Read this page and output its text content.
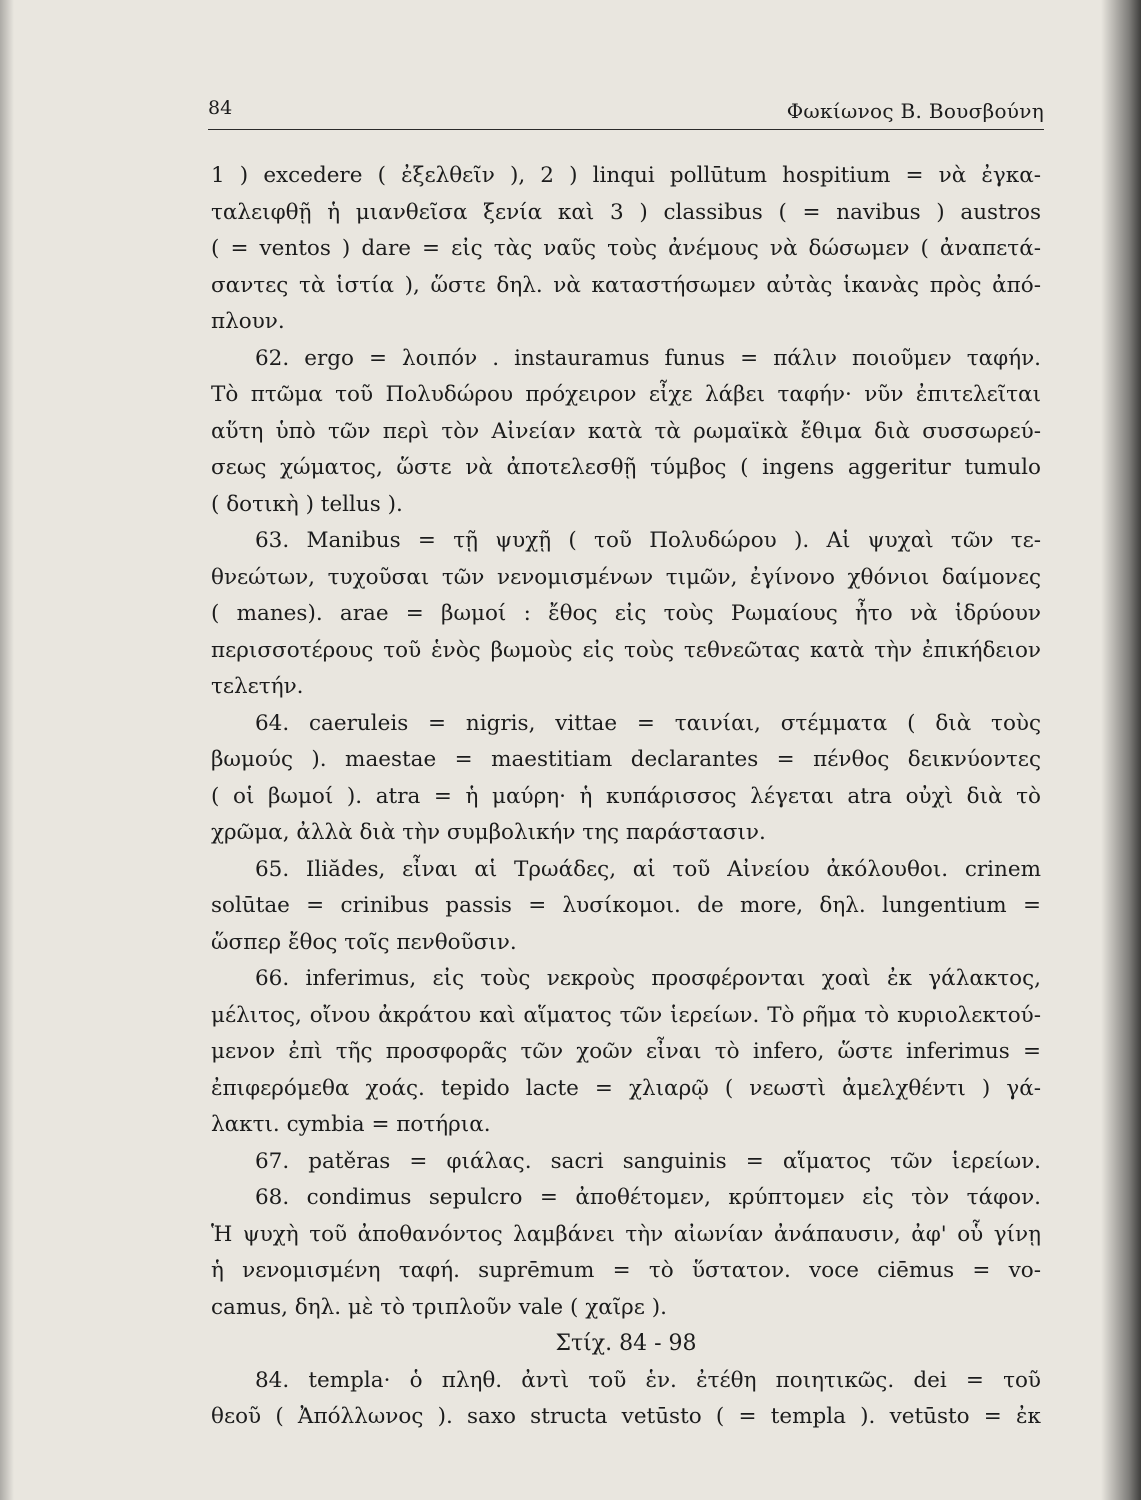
84	Φωκίωνος Β. Βουσβούνη
1 ) excedere ( ἐξελθεῖν ), 2 ) linqui pollūtum hospitium = νὰ ἐγκα-
ταλειφθῇ ἡ μιανθεῖσα ξενία καὶ 3 ) classibus ( = navibus ) austros
( = ventos ) dare = εἰς τὰς ναῦς τοὺς ἀνέμους νὰ δώσωμεν ( ἀναπετά-
σαντες τὰ ἱστία ), ὥστε δηλ. νὰ καταστήσωμεν αὐτὰς ἱκανὰς πρὸς ἀπό-
πλουν.
62. ergo = λοιπόν . instauramus funus = πάλιν ποιοῦμεν ταφήν.
Τὸ πτῶμα τοῦ Πολυδώρου πρόχειρον εἶχε λάβει ταφήν· νῦν ἐπιτελεῖται
αὕτη ὑπὸ τῶν περὶ τὸν Αἰνείαν κατὰ τὰ ρωμαϊκὰ ἔθιμα διὰ συσσωρεύ-
σεως χώματος, ὥστε νὰ ἀποτελεσθῇ τύμβος ( ingens aggeritur tumulo
( δοτικὴ ) tellus ).
63. Manibus = τῇ ψυχῇ ( τοῦ Πολυδώρου ). Αἱ ψυχαὶ τῶν τε-
θνεώτων, τυχοῦσαι τῶν νενομισμένων τιμῶν, ἐγίνονο χθόνιοι δαίμονες
( manes). arae = βωμοί : ἔθος εἰς τοὺς Ρωμαίους ἦτο νὰ ἱδρύουν
περισσοτέρους τοῦ ἑνὸς βωμοὺς εἰς τοὺς τεθνεῶτας κατὰ τὴν ἐπικήδειον
τελετήν.
64. caeruleis = nigris, vittae = ταινίαι, στέμματα ( διὰ τοὺς
βωμούς ). maestae = maestitiam declarantes = πένθος δεικνύοντες
( οἱ βωμοί ). atra = ἡ μαύρη· ἡ κυπάρισσος λέγεται atra οὐχὶ διὰ τὸ
χρῶμα, ἀλλὰ διὰ τὴν συμβολικήν της παράστασιν.
65. Iliădes, εἶναι αἱ Τρωάδες, αἱ τοῦ Αἰνείου ἀκόλουθοι. crinem
solūtae = crinibus passis = λυσίκομοι. de more, δηλ. lungentium =
ὥσπερ ἔθος τοῖς πενθοῦσιν.
66. inferimus, εἰς τοὺς νεκροὺς προσφέρονται χοαὶ ἐκ γάλακτος,
μέλιτος, οἴνου ἀκράτου καὶ αἵματος τῶν ἱερείων. Τὸ ρῆμα τὸ κυριολεκτού-
μενον ἐπὶ τῆς προσφορᾶς τῶν χοῶν εἶναι τὸ infero, ὥστε inferimus =
ἐπιφερόμεθα χοάς. tepido lacte = χλιαρῷ ( νεωστὶ ἀμελχθέντι ) γά-
λακτι. cymbia = ποτήρια.
67. patěras = φιάλας. sacri sanguinis = αἵματος τῶν ἱερείων.
68. condimus sepulcro = ἀποθέτομεν, κρύπτομεν εἰς τὸν τάφον.
Ἡ ψυχὴ τοῦ ἀποθανόντος λαμβάνει τὴν αἰωνίαν ἀνάπαυσιν, ἀφ' οὗ γίνῃ
ἡ νενομισμένη ταφή. suprēmum = τὸ ὕστατον. voce ciēmus = vo-
camus, δηλ. μὲ τὸ τριπλοῦν vale ( χαῖρε ).
Στίχ. 84 - 98
84. templa· ὁ πληθ. ἀντὶ τοῦ ἑν. ἐτέθη ποιητικῶς. dei = τοῦ
θεοῦ ( Ἀπόλλωνος ). saxo structa vetūsto ( = templa ). vetūsto = ἐκ
